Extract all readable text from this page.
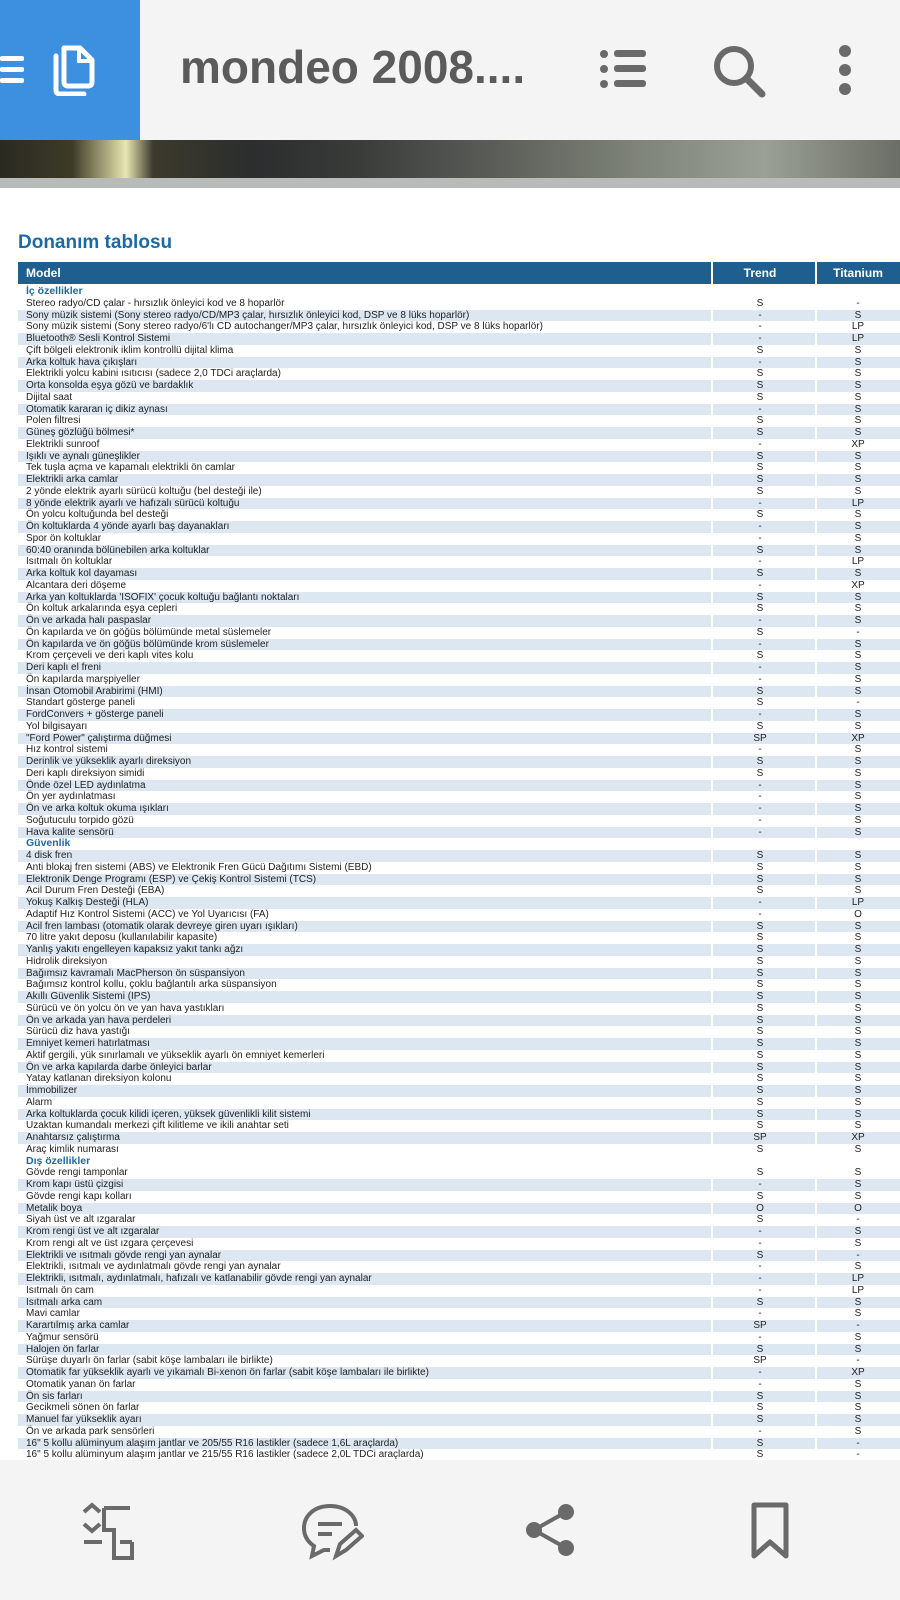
mondeo 2008....
Donanım tablosu
Model	Trend	Titanium
İç özellikler
Stereo radyo/CD çalar - hırsızlık önleyici kod ve 8 hoparlör	S	-
Sony müzik sistemi (Sony stereo radyo/CD/MP3 çalar, hırsızlık önleyici kod, DSP ve 8 lüks hoparlör)	-	S
Sony müzik sistemi (Sony stereo radyo/6'lı CD autochanger/MP3 çalar, hırsızlık önleyici kod, DSP ve 8 lüks hoparlör)	-	LP
Bluetooth® Sesli Kontrol Sistemi	-	LP
Çift bölgeli elektronik iklim kontrollü dijital klima	S	S
Arka koltuk hava çıkışları	-	S
Elektrikli yolcu kabini ısıtıcısı (sadece 2,0 TDCi araçlarda)	S	S
Orta konsolda eşya gözü ve bardaklık	S	S
Dijital saat	S	S
Otomatik kararan iç dikiz aynası	-	S
Polen filtresi	S	S
Güneş gözlüğü bölmesi*	S	S
Elektrikli sunroof	-	XP
Işıklı ve aynalı güneşlikler	S	S
Tek tuşla açma ve kapamalı elektrikli ön camlar	S	S
Elektrikli arka camlar	S	S
2 yönde elektrik ayarlı sürücü koltuğu (bel desteği ile)	S	S
8 yönde elektrik ayarlı ve hafızalı sürücü koltuğu	-	LP
Ön yolcu koltuğunda bel desteği	S	S
Ön koltuklarda 4 yönde ayarlı baş dayanakları	-	S
Spor ön koltuklar	-	S
60:40 oranında bölünebilen arka koltuklar	S	S
Isıtmalı ön koltuklar	-	LP
Arka koltuk kol dayaması	S	S
Alcantara deri döşeme	-	XP
Arka yan koltuklarda 'ISOFIX' çocuk koltuğu bağlantı noktaları	S	S
Ön koltuk arkalarında eşya cepleri	S	S
Ön ve arkada halı paspaslar	-	S
Ön kapılarda ve ön göğüs bölümünde metal süslemeler	S	-
Ön kapılarda ve ön göğüs bölümünde krom süslemeler	-	S
Krom çerçeveli ve deri kaplı vites kolu	S	S
Deri kaplı el freni	-	S
Ön kapılarda marşpiyeller	-	S
İnsan Otomobil Arabirimi (HMI)	S	S
Standart gösterge paneli	S	-
FordConvers + gösterge paneli	-	S
Yol bilgisayarı	S	S
"Ford Power" çalıştırma düğmesi	SP	XP
Hız kontrol sistemi	-	S
Derinlik ve yükseklik ayarlı direksiyon	S	S
Deri kaplı direksiyon simidi	S	S
Önde özel LED aydınlatma	-	S
Ön yer aydınlatması	-	S
Ön ve arka koltuk okuma ışıkları	-	S
Soğutuculu torpido gözü	-	S
Hava kalite sensörü	-	S
Güvenlik
4 disk fren	S	S
Anti blokaj fren sistemi (ABS) ve Elektronik Fren Gücü Dağıtımı Sistemi (EBD)	S	S
Elektronik Denge Programı (ESP) ve Çekiş Kontrol Sistemi (TCS)	S	S
Acil Durum Fren Desteği (EBA)	S	S
Yokuş Kalkış Desteği (HLA)	-	LP
Adaptif Hız Kontrol Sistemi (ACC) ve Yol Uyarıcısı (FA)	-	O
Acil fren lambası (otomatik olarak devreye giren uyarı ışıkları)	S	S
70 litre yakıt deposu (kullanılabilir kapasite)	S	S
Yanlış yakıtı engelleyen kapaksız yakıt tankı ağzı	S	S
Hidrolik direksiyon	S	S
Bağımsız kavramalı MacPherson ön süspansiyon	S	S
Bağımsız kontrol kollu, çoklu bağlantılı arka süspansiyon	S	S
Akıllı Güvenlik Sistemi (IPS)	S	S
Sürücü ve ön yolcu ön ve yan hava yastıkları	S	S
Ön ve arkada yan hava perdeleri	S	S
Sürücü diz hava yastığı	S	S
Emniyet kemeri hatırlatması	S	S
Aktif gergili, yük sınırlamalı ve yükseklik ayarlı ön emniyet kemerleri	S	S
Ön ve arka kapılarda darbe önleyici barlar	S	S
Yatay katlanan direksiyon kolonu	S	S
İmmobilizer	S	S
Alarm	S	S
Arka koltuklarda çocuk kilidi içeren, yüksek güvenlikli kilit sistemi	S	S
Uzaktan kumandalı merkezi çift kilitleme ve ikili anahtar seti	S	S
Anahtarsız çalıştırma	SP	XP
Araç kimlik numarası	S	S
Dış özellikler
Gövde rengi tamponlar	S	S
Krom kapı üstü çizgisi	-	S
Gövde rengi kapı kolları	S	S
Metalik boya	O	O
Siyah üst ve alt ızgaralar	S	-
Krom rengi üst ve alt ızgaralar	-	S
Krom rengi alt ve üst ızgara çerçevesi	-	S
Elektrikli ve ısıtmalı gövde rengi yan aynalar	S	-
Elektrikli, ısıtmalı ve aydınlatmalı gövde rengi yan aynalar	-	S
Elektrikli, ısıtmalı, aydınlatmalı, hafızalı ve katlanabilir gövde rengi yan aynalar	-	LP
Isıtmalı ön cam	-	LP
Isıtmalı arka cam	S	S
Mavi camlar	-	S
Karartılmış arka camlar	SP	-
Yağmur sensörü	-	S
Halojen ön farlar	S	S
Sürüşe duyarlı ön farlar (sabit köşe lambaları ile birlikte)	SP	-
Otomatik far yükseklik ayarlı ve yıkamalı Bi-xenon ön farlar (sabit köşe lambaları ile birlikte)	-	XP
Otomatik yanan ön farlar	-	S
Ön sis farları	S	S
Gecikmeli sönen ön farlar	S	S
Manuel far yükseklik ayarı	S	S
Ön ve arkada park sensörleri	-	S
16" 5 kollu alüminyum alaşım jantlar ve 205/55 R16 lastikler (sadece 1,6L araçlarda)	S	-
16" 5 kollu alüminyum alaşım jantlar ve 215/55 R16 lastikler (sadece 2,0L TDCi araçlarda)	S	-
